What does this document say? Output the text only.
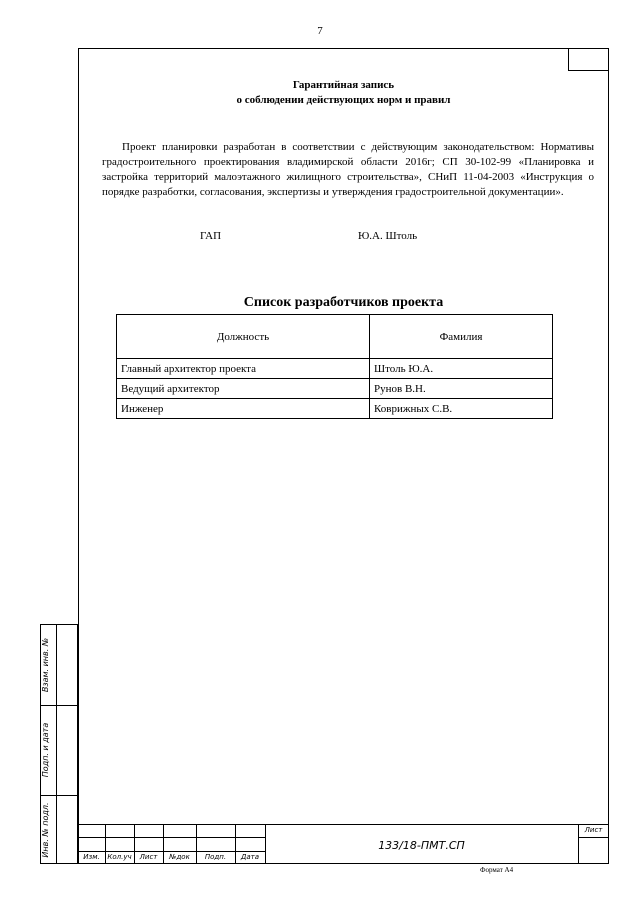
7
Гарантийная запись
о соблюдении действующих норм и правил
Проект планировки разработан в соответствии с действующим законодательством: Нормативы градостроительного проектирования владимирской области 2016г; СП 30-102-99 «Планировка и застройка территорий малоэтажного жилищного строительства», СНиП 11-04-2003 «Инструкция о порядке разработки, согласования, экспертизы и утверждения градостроительной документации».
ГАП	Ю.А. Штоль
Список разработчиков проекта
Должность	Фамилия
Главный архитектор проекта	Штоль Ю.А.
Ведущий архитектор	Рунов В.Н.
Инженер	Коврижных С.В.
Взам. инв. №
Подп. и дата
Инв. № подл.	Изм.	Кол.уч	Лист	№док	Подп.	Дата
133/18-ПМТ.СП
Лист
Формат А4
